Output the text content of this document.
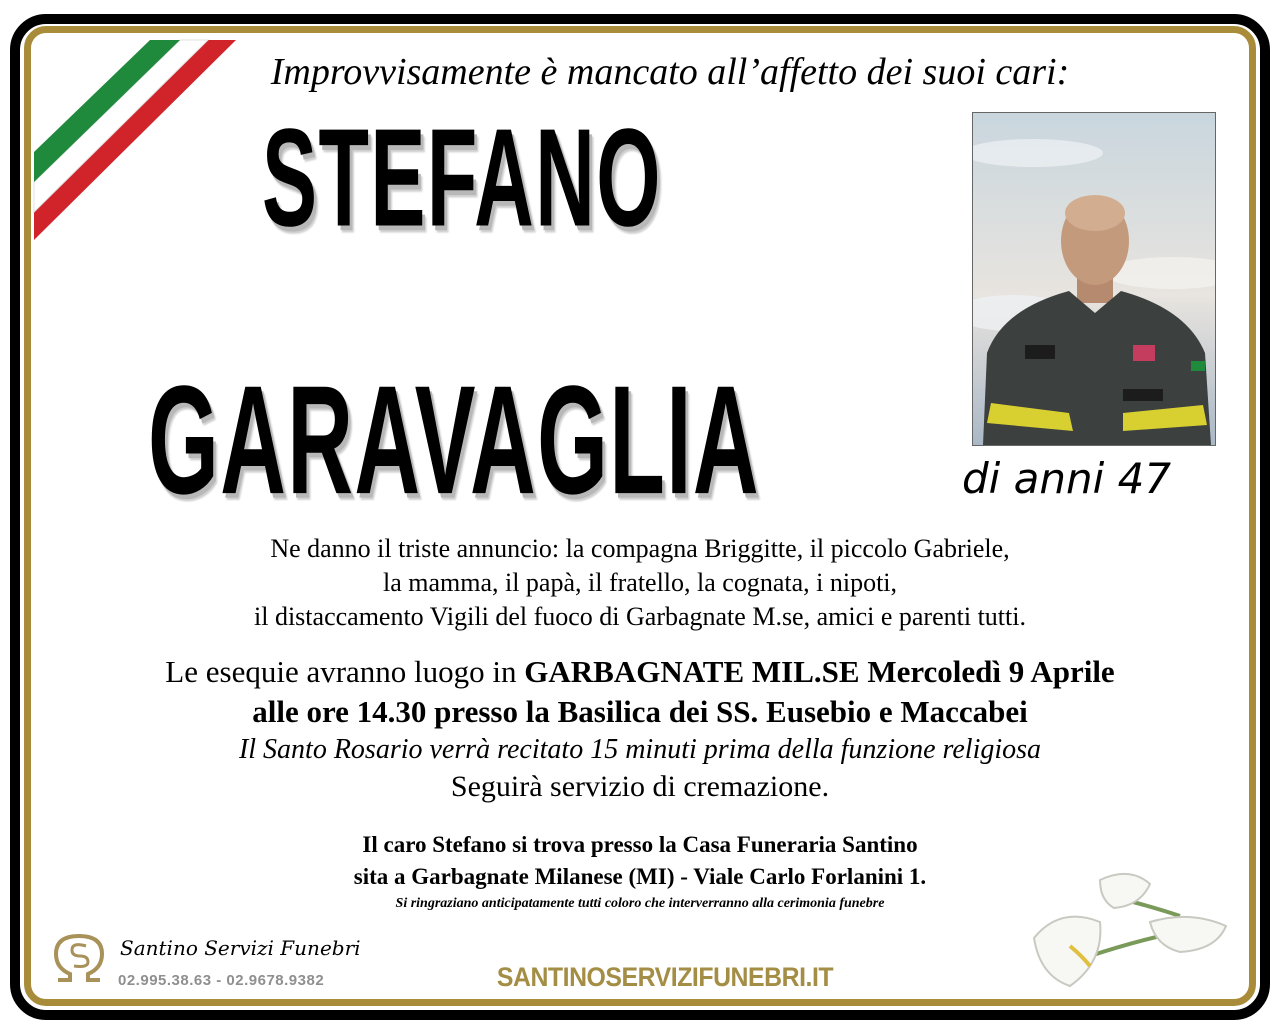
Improvvisamente è mancato all’affetto dei suoi cari:
STEFANO
GARAVAGLIA	di anni 47
Ne danno il triste annuncio: la compagna Briggitte, il piccolo Gabriele,
la mamma, il papà, il fratello, la cognata, i nipoti,
il distaccamento Vigili del fuoco di Garbagnate M.se, amici e parenti tutti.
Le esequie avranno luogo in GARBAGNATE MIL.SE Mercoledì 9 Aprile
alle ore 14.30 presso la Basilica dei SS. Eusebio e Maccabei
Il Santo Rosario verrà recitato 15 minuti prima della funzione religiosa
Seguirà servizio di cremazione.
Il caro Stefano si trova presso la Casa Funeraria Santino
sita a Garbagnate Milanese (MI) - Viale Carlo Forlanini 1.
Si ringraziano anticipatamente tutti coloro che interverranno alla cerimonia funebre
Santino Servizi Funebri
02.995.38.63 - 02.9678.9382	SANTINOSERVIZIFUNEBRI.IT
